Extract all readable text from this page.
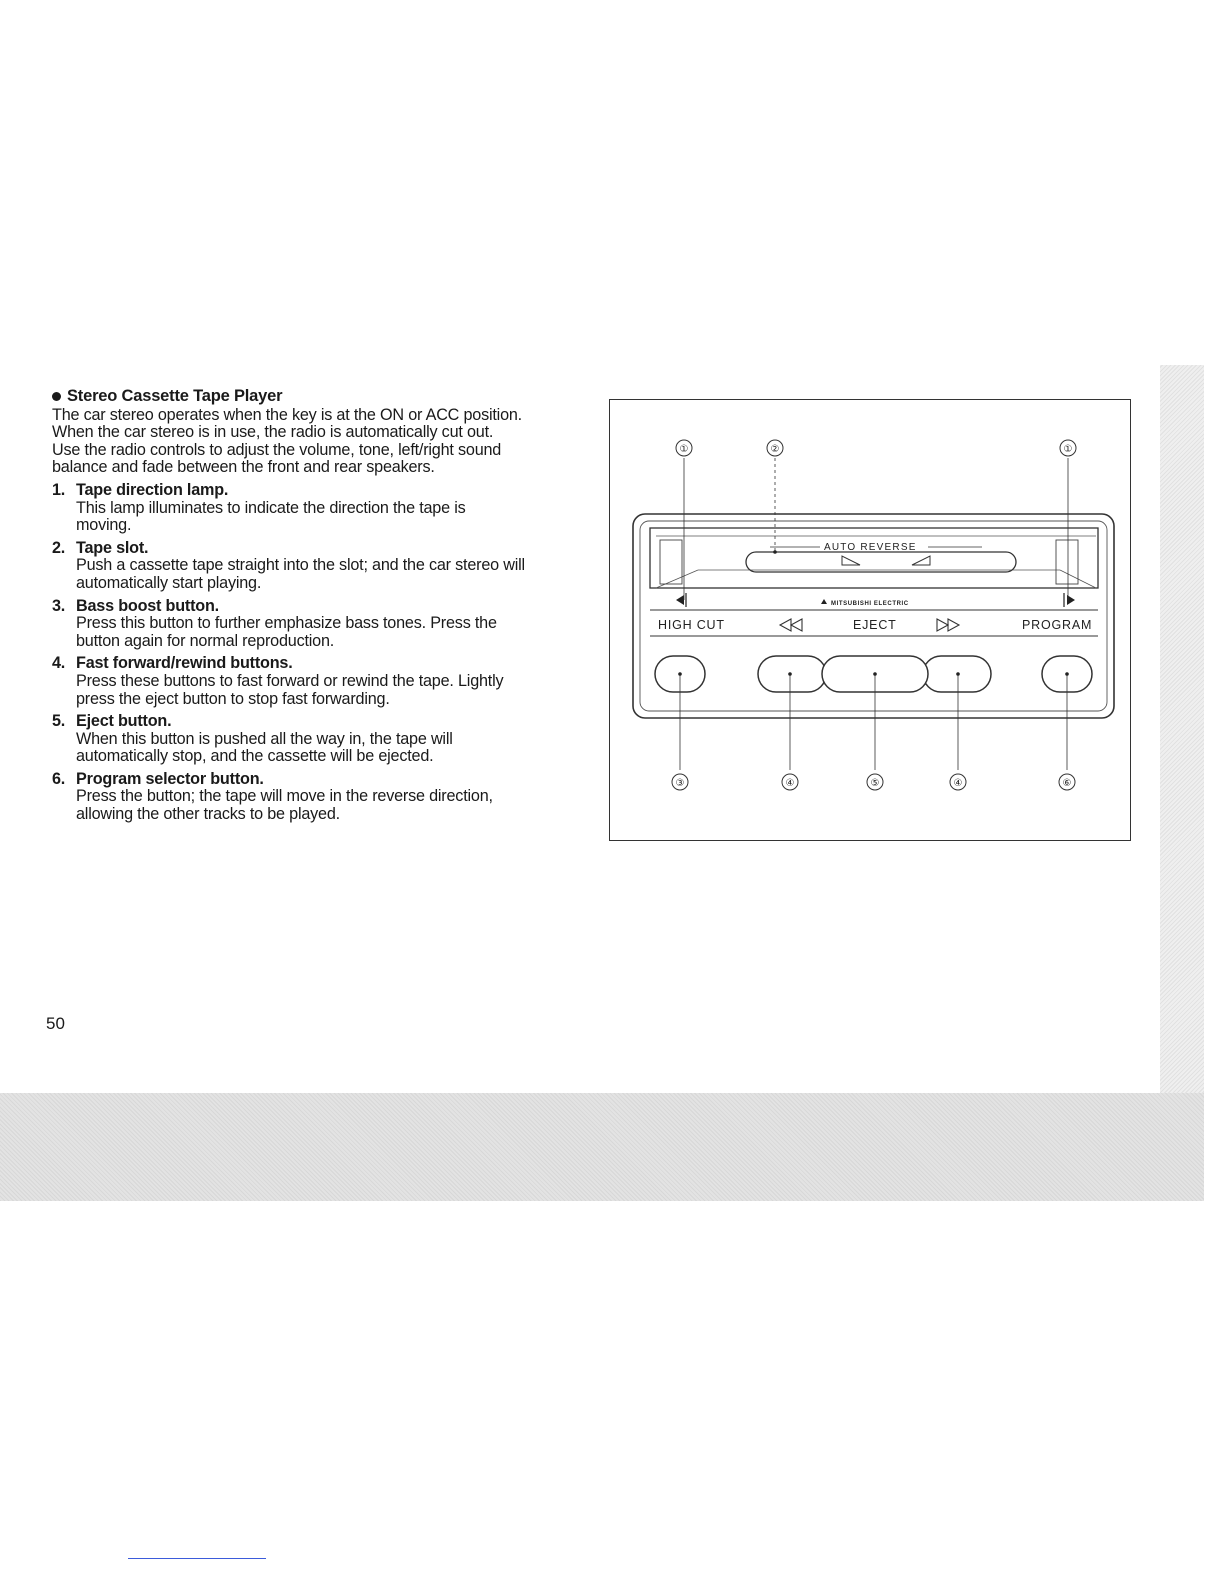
Stereo Cassette Tape Player
The car stereo operates when the key is at the ON or ACC position.
When the car stereo is in use, the radio is automatically cut out.
Use the radio controls to adjust the volume, tone, left/right sound
balance and fade between the front and rear speakers.
1. Tape direction lamp.
This lamp illuminates to indicate the direction the tape is
moving.
2. Tape slot.
Push a cassette tape straight into the slot; and the car stereo will
automatically start playing.
3. Bass boost button.
Press this button to further emphasize bass tones. Press the
button again for normal reproduction.
4. Fast forward/rewind buttons.
Press these buttons to fast forward or rewind the tape. Lightly
press the eject button to stop fast forwarding.
5. Eject button.
When this button is pushed all the way in, the tape will
automatically stop, and the cassette will be ejected.
6. Program selector button.
Press the button; the tape will move in the reverse direction,
allowing the other tracks to be played.
AUTO REVERSE
MITSUBISHI ELECTRIC
HIGH CUT	EJECT	PROGRAM
①	②	①
③	④	⑤	④	⑥
50
